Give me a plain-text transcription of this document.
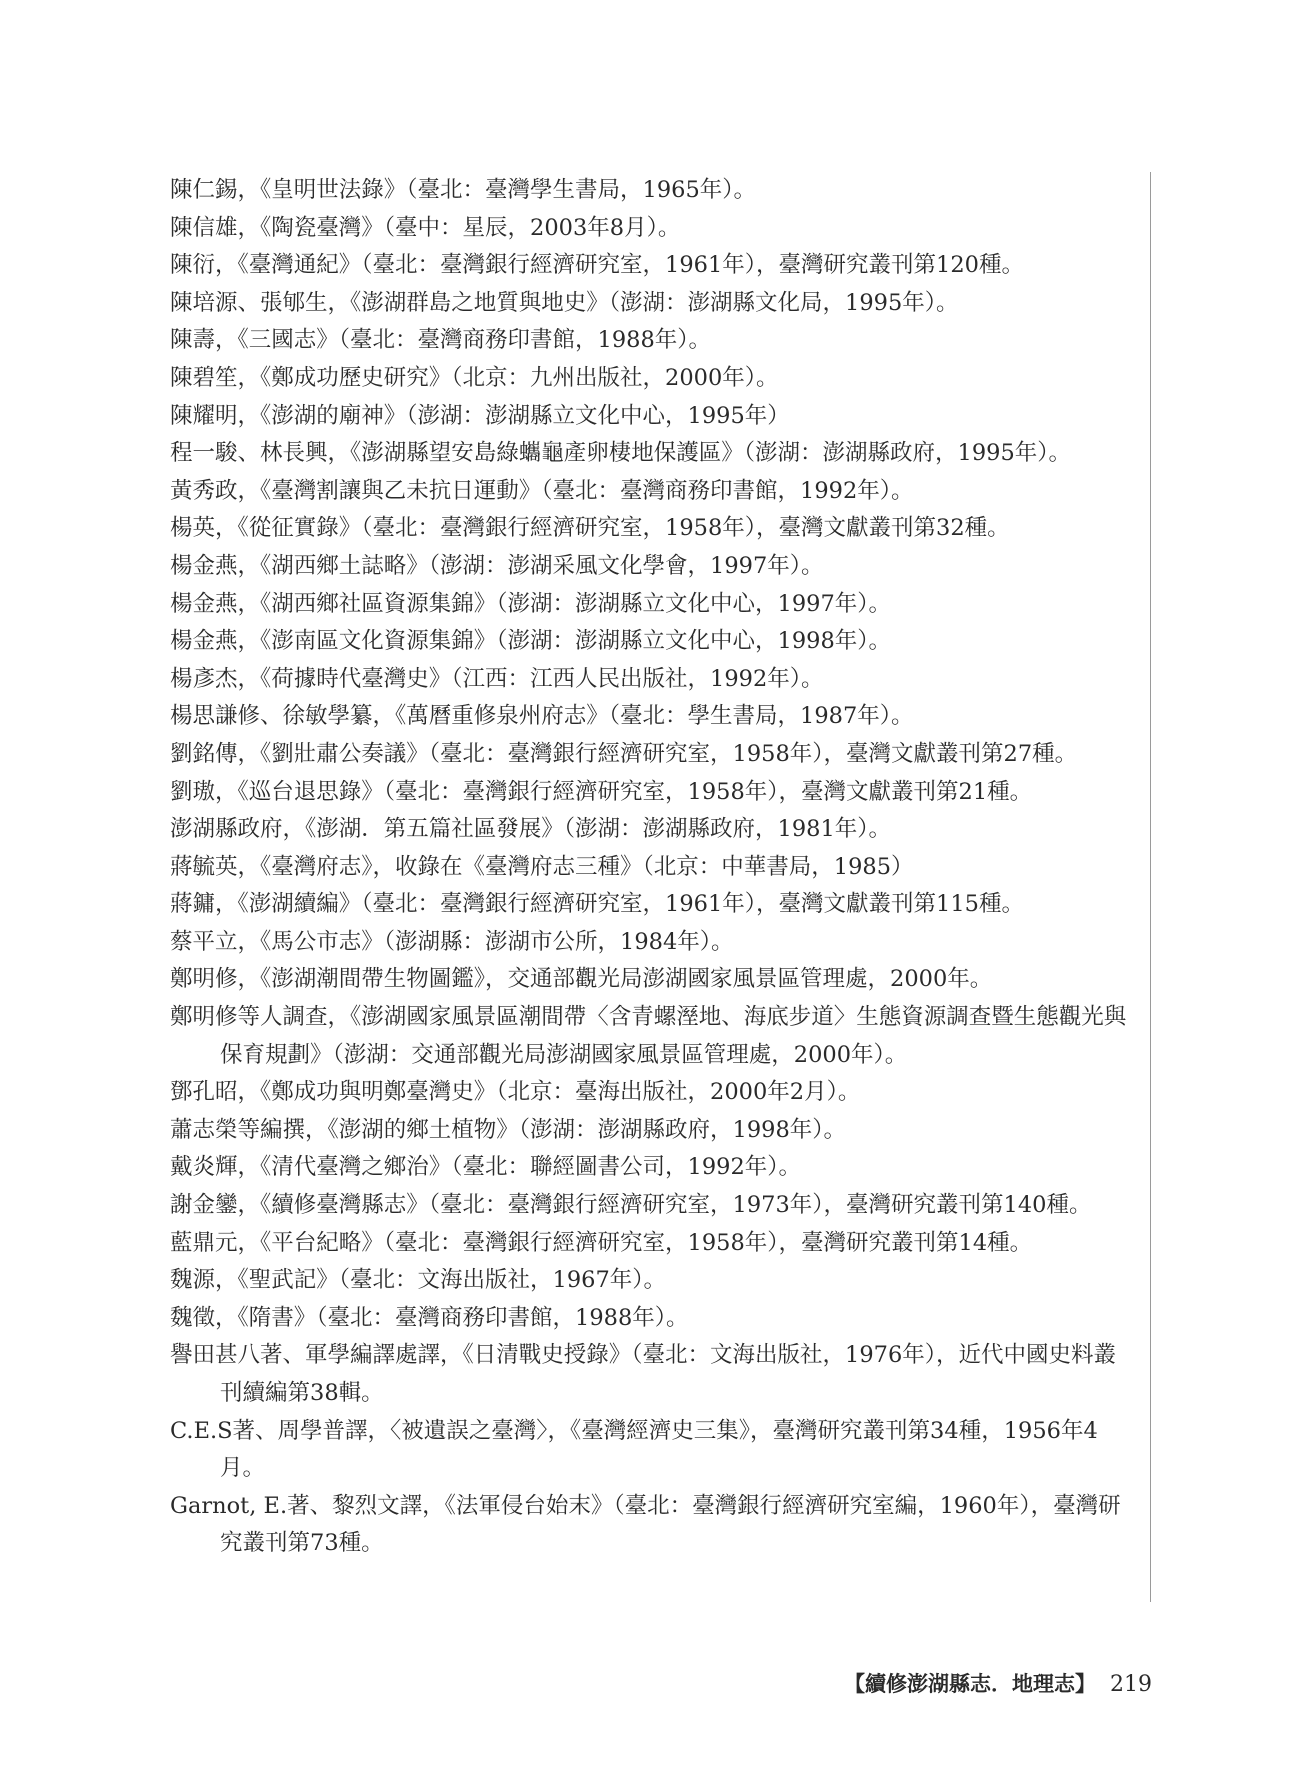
陳仁錫，《皇明世法錄》（臺北：臺灣學生書局，1965年）。
陳信雄，《陶瓷臺灣》（臺中：星辰，2003年8月）。
陳衍，《臺灣通紀》（臺北：臺灣銀行經濟研究室，1961年），臺灣研究叢刊第120種。
陳培源、張郇生，《澎湖群島之地質與地史》（澎湖：澎湖縣文化局，1995年）。
陳壽，《三國志》（臺北：臺灣商務印書館，1988年）。
陳碧笙，《鄭成功歷史研究》（北京：九州出版社，2000年）。
陳耀明，《澎湖的廟神》（澎湖：澎湖縣立文化中心，1995年）
程一駿、林長興，《澎湖縣望安島綠蠵龜產卵棲地保護區》（澎湖：澎湖縣政府，1995年）。
黃秀政，《臺灣割讓與乙未抗日運動》（臺北：臺灣商務印書館，1992年）。
楊英，《從征實錄》（臺北：臺灣銀行經濟研究室，1958年），臺灣文獻叢刊第32種。
楊金燕，《湖西鄉土誌略》（澎湖：澎湖采風文化學會，1997年）。
楊金燕，《湖西鄉社區資源集錦》（澎湖：澎湖縣立文化中心，1997年）。
楊金燕，《澎南區文化資源集錦》（澎湖：澎湖縣立文化中心，1998年）。
楊彥杰，《荷據時代臺灣史》（江西：江西人民出版社，1992年）。
楊思謙修、徐敏學纂，《萬曆重修泉州府志》（臺北：學生書局，1987年）。
劉銘傳，《劉壯肅公奏議》（臺北：臺灣銀行經濟研究室，1958年），臺灣文獻叢刊第27種。
劉璈，《巡台退思錄》（臺北：臺灣銀行經濟研究室，1958年），臺灣文獻叢刊第21種。
澎湖縣政府，《澎湖．第五篇社區發展》（澎湖：澎湖縣政府，1981年）。
蔣毓英，《臺灣府志》，收錄在《臺灣府志三種》（北京：中華書局，1985）
蔣鏞，《澎湖續編》（臺北：臺灣銀行經濟研究室，1961年），臺灣文獻叢刊第115種。
蔡平立，《馬公市志》（澎湖縣：澎湖市公所，1984年）。
鄭明修，《澎湖潮間帶生物圖鑑》，交通部觀光局澎湖國家風景區管理處，2000年。
鄭明修等人調查，《澎湖國家風景區潮間帶〈含青螺溼地、海底步道〉生態資源調查暨生態觀光與保育規劃》（澎湖：交通部觀光局澎湖國家風景區管理處，2000年）。
鄧孔昭，《鄭成功與明鄭臺灣史》（北京：臺海出版社，2000年2月）。
蕭志榮等編撰，《澎湖的鄉土植物》（澎湖：澎湖縣政府，1998年）。
戴炎輝，《清代臺灣之鄉治》（臺北：聯經圖書公司，1992年）。
謝金鑾，《續修臺灣縣志》（臺北：臺灣銀行經濟研究室，1973年），臺灣研究叢刊第140種。
藍鼎元，《平台紀略》（臺北：臺灣銀行經濟研究室，1958年），臺灣研究叢刊第14種。
魏源，《聖武記》（臺北：文海出版社，1967年）。
魏徵，《隋書》（臺北：臺灣商務印書館，1988年）。
譽田甚八著、軍學編譯處譯，《日清戰史授錄》（臺北：文海出版社，1976年），近代中國史料叢刊續編第38輯。
C.E.S著、周學普譯，〈被遺誤之臺灣〉，《臺灣經濟史三集》，臺灣研究叢刊第34種，1956年4月。
Garnot, E.著、黎烈文譯，《法軍侵台始末》（臺北：臺灣銀行經濟研究室編，1960年），臺灣研究叢刊第73種。
【續修澎湖縣志．地理志】 219
